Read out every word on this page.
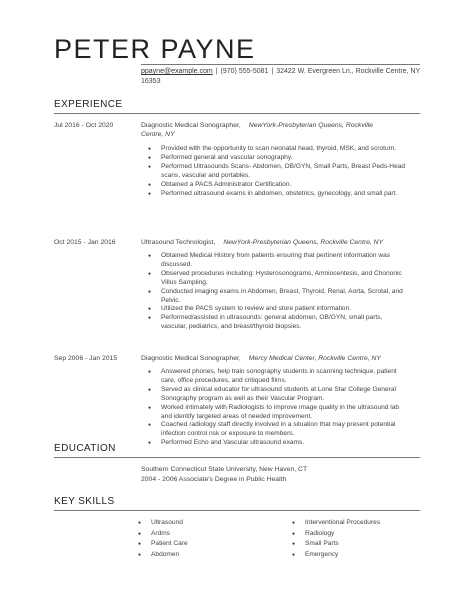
PETER PAYNE
ppayne@example.com | (970) 555-5081 | 32422 W. Evergreen Ln., Rockville Centre, NY 16353
EXPERIENCE
Jul 2016 - Oct 2020	Diagnostic Medical Sonographer, NewYork-Presbyterian Queens, Rockville Centre, NY
● Provided with the opportunity to scan neonatal head, thyroid, MSK, and scrotum.
● Performed general and vascular sonography.
● Performed Ultrasounds Scans- Abdomen, OB/GYN, Small Parts, Breast Peds-Head scans, vascular and portables.
● Obtained a PACS Administrator Certification.
● Performed ultrasound exams in abdomen, obstetrics, gynecology, and small part.
Oct 2015 - Jan 2016	Ultrasound Technologist, NewYork-Presbyterian Queens, Rockville Centre, NY
● Obtained Medical History from patients ensuring that pertinent information was discussed.
● Observed procedures including: Hysterosonograms, Amniocentesis, and Chorionic Villus Sampling.
● Conducted imaging exams in Abdomen, Breast, Thyroid, Renal, Aorta, Scrotal, and Pelvic.
● Utilized the PACS system to review and store patient information.
● Performed/assisted in ultrasounds: general abdomen, OB/GYN, small parts, vascular, pediatrics, and breast/thyroid biopsies.
Sep 2006 - Jan 2015	Diagnostic Medical Sonographer, Mercy Medical Center, Rockville Centre, NY
● Answered phones, help train sonography students in scanning technique, patient care, office procedures, and critiqued films.
● Served as clinical educator for ultrasound students at Lone Star College General Sonography program as well as their Vascular Program.
● Worked intimately with Radiologists to improve image quality in the ultrasound lab and identify targeted areas of needed improvement.
● Coached radiology staff directly involved in a situation that may present potential infection control nsk or exposure to members.
● Performed Echo and Vascular ultrasound exams.
EDUCATION
Southern Connecticut State University, New Haven, CT
2004 - 2006 Associate's Degree in Public Health
KEY SKILLS
● Ultrasound
● Ardms
● Patient Care
● Abdomen
● Interventional Procedures
● Radiology
● Small Parts
● Emergency
